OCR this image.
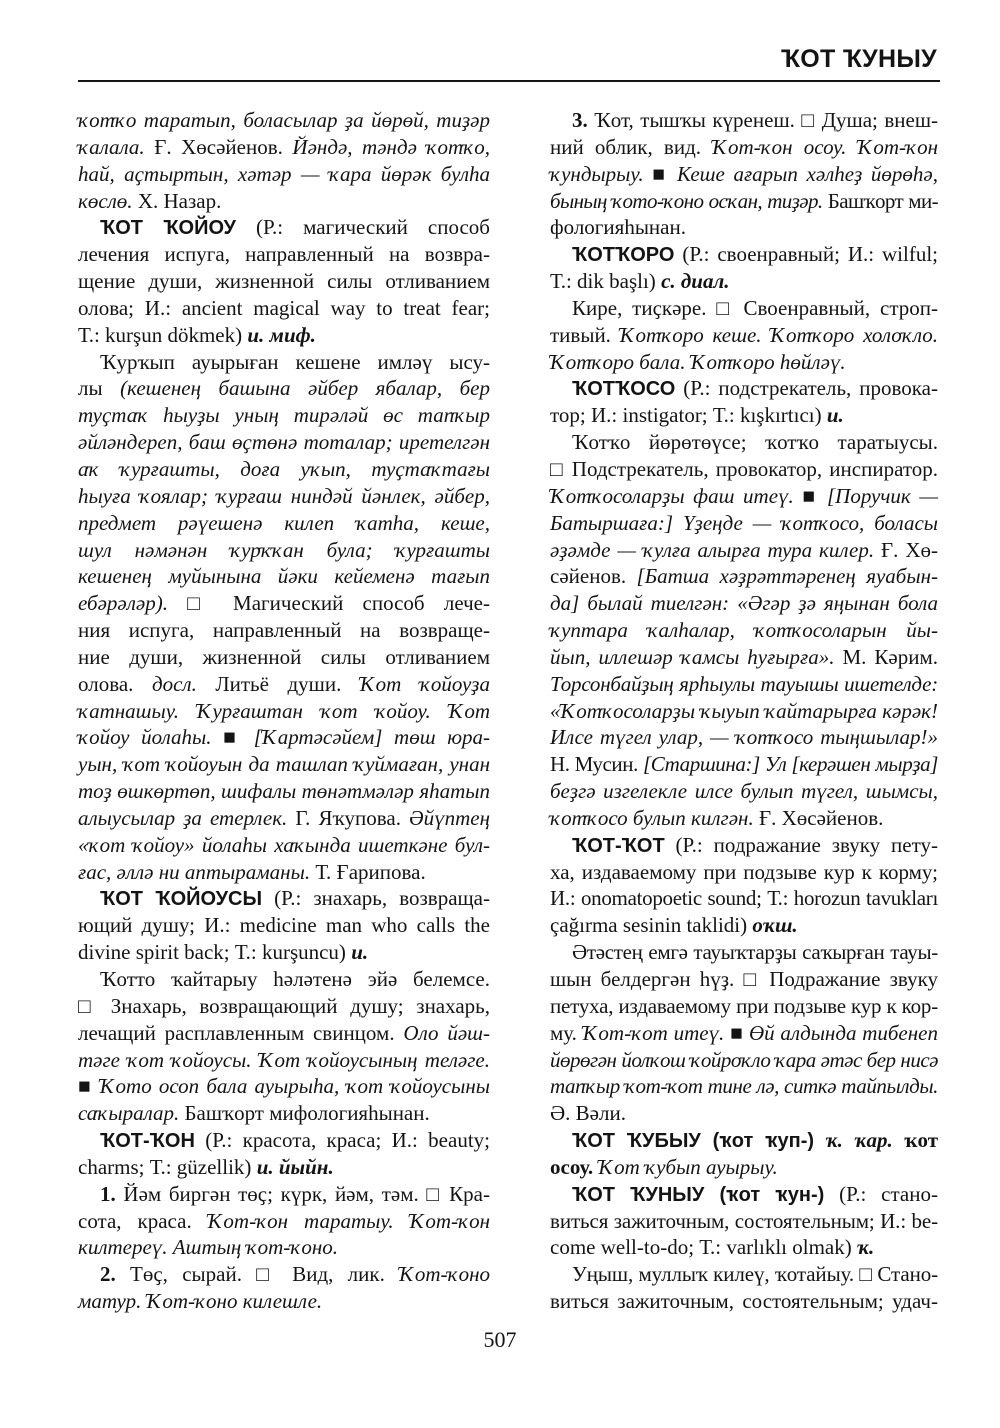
ҠОТ ҠУНЫУ
ҡотҡо таратып, боласылар ҙа йөрөй, тиҙәр
ҡалала. Ғ. Хөсәйенов. Йәндә, тәндә ҡотҡо,
һай, аҫтыртын, хәтәр — ҡара йөрәк булһа
көслө. Х. Назар.
ҠОТ ҠОЙОУ (Р.: магический способ
лечения испуга, направленный на возвра-
щение души, жизненной силы отливанием
олова; И.: ancient magical way to treat fear;
Т.: kurşun dökmek) и. миф.
Ҡурҡып ауырыған кешене имләү ысу-
лы (кешенең башына әйбер ябалар, бер
туҫтаҡ һыуҙы уның тирәләй өс тапҡыр
әйләндереп, баш өҫтөнә тоталар; иретелгән
аҡ ҡурғашты, доға уҡып, туҫтаҡтағы
һыуға ҡоялар; ҡурғаш ниндәй йәнлек, әйбер,
предмет рәүешенә килеп ҡатһа, кеше,
шул нәмәнән ҡурҡҡан була; ҡурғашты
кешенең муйынына йәки кейеменә тағып
ебәрәләр). □ Магический способ лече-
ния испуга, направленный на возвраще-
ние души, жизненной силы отливанием
олова. досл. Литьё души. Ҡот ҡойоуҙа
ҡатнашыу. Ҡурғаштан ҡот ҡойоу. Ҡот
ҡойоу йолаһы. ■ [Ҡартәсәйем] төш юра-
уын, ҡот ҡойоуын да ташлап ҡуймаған, унан
тоҙ өшкөртөп, шифалы төнәтмәләр яһатып
алыусылар ҙа етерлек. Г. Яҡупова. Әйүптең
«ҡот ҡойоу» йолаһы хаҡында ишеткәне бул-
ғас, әллә ни аптыраманы. Т. Ғарипова.
ҠОТ ҠОЙОУСЫ (Р.: знахарь, возвраща-
ющий душу; И.: medicine man who calls the
divine spirit back; Т.: kurşuncu) и.
Ҡотто ҡайтарыу һәләтенә эйә белемсе.
□ Знахарь, возвращающий душу; знахарь,
лечащий расплавленным свинцом. Оло йәш-
тәге ҡот ҡойоусы. Ҡот ҡойоусының теләге.
■ Ҡото осоп бала ауырыһа, ҡот ҡойоусыны
саҡыралар. Башҡорт мифологияһынан.
ҠОТ-ҠОН (Р.: красота, краса; И.: beauty;
charms; Т.: güzellik) и. йыйн.
1. Йәм биргән төҫ; күрк, йәм, тәм. □ Кра-
сота, краса. Ҡот-ҡон таратыу. Ҡот-ҡон
килтереү. Аштың ҡот-ҡоно.
2. Төҫ, сырай. □ Вид, лик. Ҡот-ҡоно
матур. Ҡот-ҡоно килешле.
3. Ҡот, тышҡы күренеш. □ Душа; внеш-
ний облик, вид. Ҡот-ҡон осоу. Ҡот-ҡон
ҡундырыу. ■ Кеше ағарып хәлһеҙ йөрөһә,
бының ҡото-ҡоно осҡан, тиҙәр. Башҡорт ми-
фологияһынан.
ҠОТҠОРО (Р.: своенравный; И.: wilful;
Т.: dik başlı) с. диал.
Кире, тиҫкәре. □ Своенравный, строп-
тивый. Ҡотҡоро кеше. Ҡотҡоро холоҡло.
Ҡотҡоро бала. Ҡотҡоро һөйләү.
ҠОТҠОСО (Р.: подстрекатель, провока-
тор; И.: instigator; Т.: kışkırtıcı) и.
Ҡотҡо йөрөтөүсе; ҡотҡо таратыусы.
□ Подстрекатель, провокатор, инспиратор.
Ҡотҡосоларҙы фаш итеү. ■ [Поручик —
Батыршаға:] Үҙеңде — ҡотҡосо, боласы
әҙәмде — ҡулға алырға тура килер. Ғ. Хө-
сәйенов. [Батша хәҙрәттәренең яуабын-
да] былай тиелгән: «Әгәр ҙә яңынан бола
ҡуптара ҡалһалар, ҡотҡосоларын йы-
йып, иллешәр ҡамсы һуғырға». М. Кәрим.
Торсонбайҙың ярһыулы тауышы ишетелде:
«Ҡотҡосоларҙы ҡыуып ҡайтарырға кәрәк!
Илсе түгел улар, — ҡотҡосо тыңшылар!»
Н. Мусин. [Старшина:] Ул [керәшен мырҙа]
беҙгә изгелекле илсе булып түгел, шымсы,
ҡотҡосо булып килгән. Ғ. Хөсәйенов.
ҠОТ-ҠОТ (Р.: подражание звуку пету-
ха, издаваемому при подзыве кур к корму;
И.: onomatopoetic sound; Т.: horozun tavukları
çağırma sesinin taklidi) оҡш.
Әтәстең емгә тауыҡтарҙы саҡырған тауы-
шын белдергән һүҙ. □ Подражание звуку
петуха, издаваемому при подзыве кур к кор-
му. Ҡот-ҡот итеү. ■ Өй алдында тибенеп
йөрөгән йолҡош ҡойроҡло ҡара әтәс бер нисә
тапҡыр ҡот-ҡот тине лә, ситкә тайпылды.
Ә. Вәли.
ҠОТ ҠУБЫУ (ҡот ҡуп-) ҡ. ҡар. ҡот
осоу. Ҡот ҡубып ауырыу.
ҠОТ ҠУНЫУ (ҡот ҡун-) (Р.: стано-
виться зажиточным, состоятельным; И.: be-
come well-to-do; Т.: varlıklı olmak) ҡ.
Уңыш, муллыҡ килеү, ҡотайыу. □ Стано-
виться зажиточным, состоятельным; удач-
507
